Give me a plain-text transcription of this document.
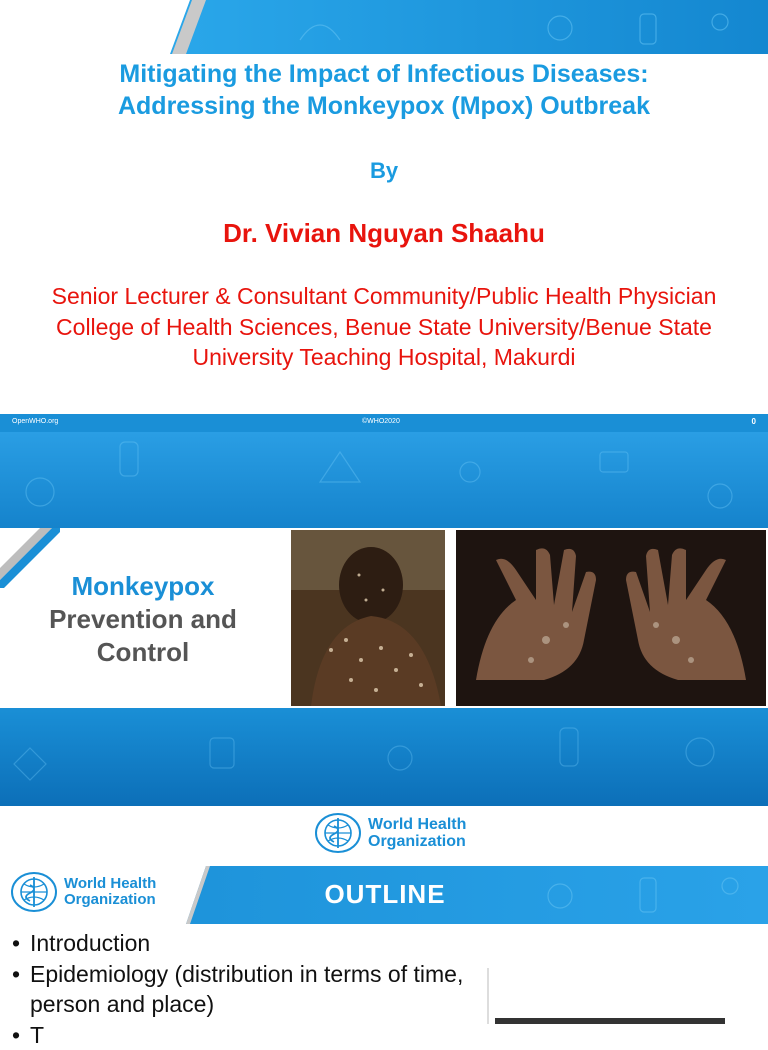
Mitigating the Impact of Infectious Diseases:
Addressing the Monkeypox (Mpox) Outbreak
By
Dr. Vivian Nguyan Shaahu
Senior Lecturer & Consultant Community/Public Health Physician
College of Health Sciences, Benue State University/Benue State
University Teaching Hospital, Makurdi
OpenWHO.org	©WHO2020	0
Monkeypox
Prevention and
Control
World Health
Organization
World Health
Organization	OUTLINE
• Introduction
• Epidemiology (distribution in terms of time, person and place)
• T
